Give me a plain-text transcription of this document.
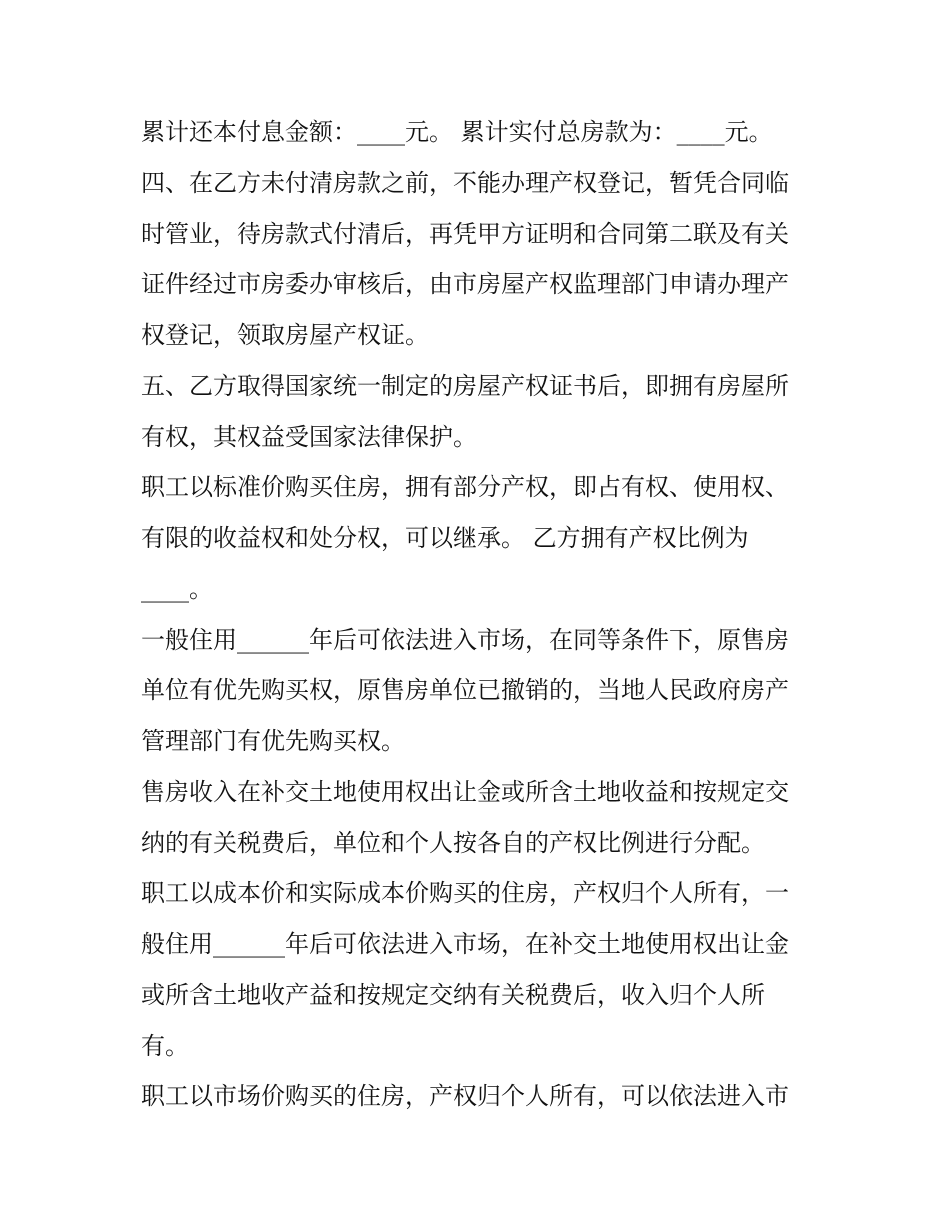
累计还本付息金额：____元。 累计实付总房款为：____元。
四、在乙方未付清房款之前，不能办理产权登记，暂凭合同临
时管业，待房款式付清后，再凭甲方证明和合同第二联及有关
证件经过市房委办审核后，由市房屋产权监理部门申请办理产
权登记，领取房屋产权证。
五、乙方取得国家统一制定的房屋产权证书后，即拥有房屋所
有权，其权益受国家法律保护。
职工以标准价购买住房，拥有部分产权，即占有权、使用权、
有限的收益权和处分权，可以继承。 乙方拥有产权比例为
____。
一般住用______年后可依法进入市场，在同等条件下，原售房
单位有优先购买权，原售房单位已撤销的，当地人民政府房产
管理部门有优先购买权。
售房收入在补交土地使用权出让金或所含土地收益和按规定交
纳的有关税费后，单位和个人按各自的产权比例进行分配。
职工以成本价和实际成本价购买的住房，产权归个人所有，一
般住用______年后可依法进入市场，在补交土地使用权出让金
或所含土地收产益和按规定交纳有关税费后，收入归个人所
有。
职工以市场价购买的住房，产权归个人所有，可以依法进入市
